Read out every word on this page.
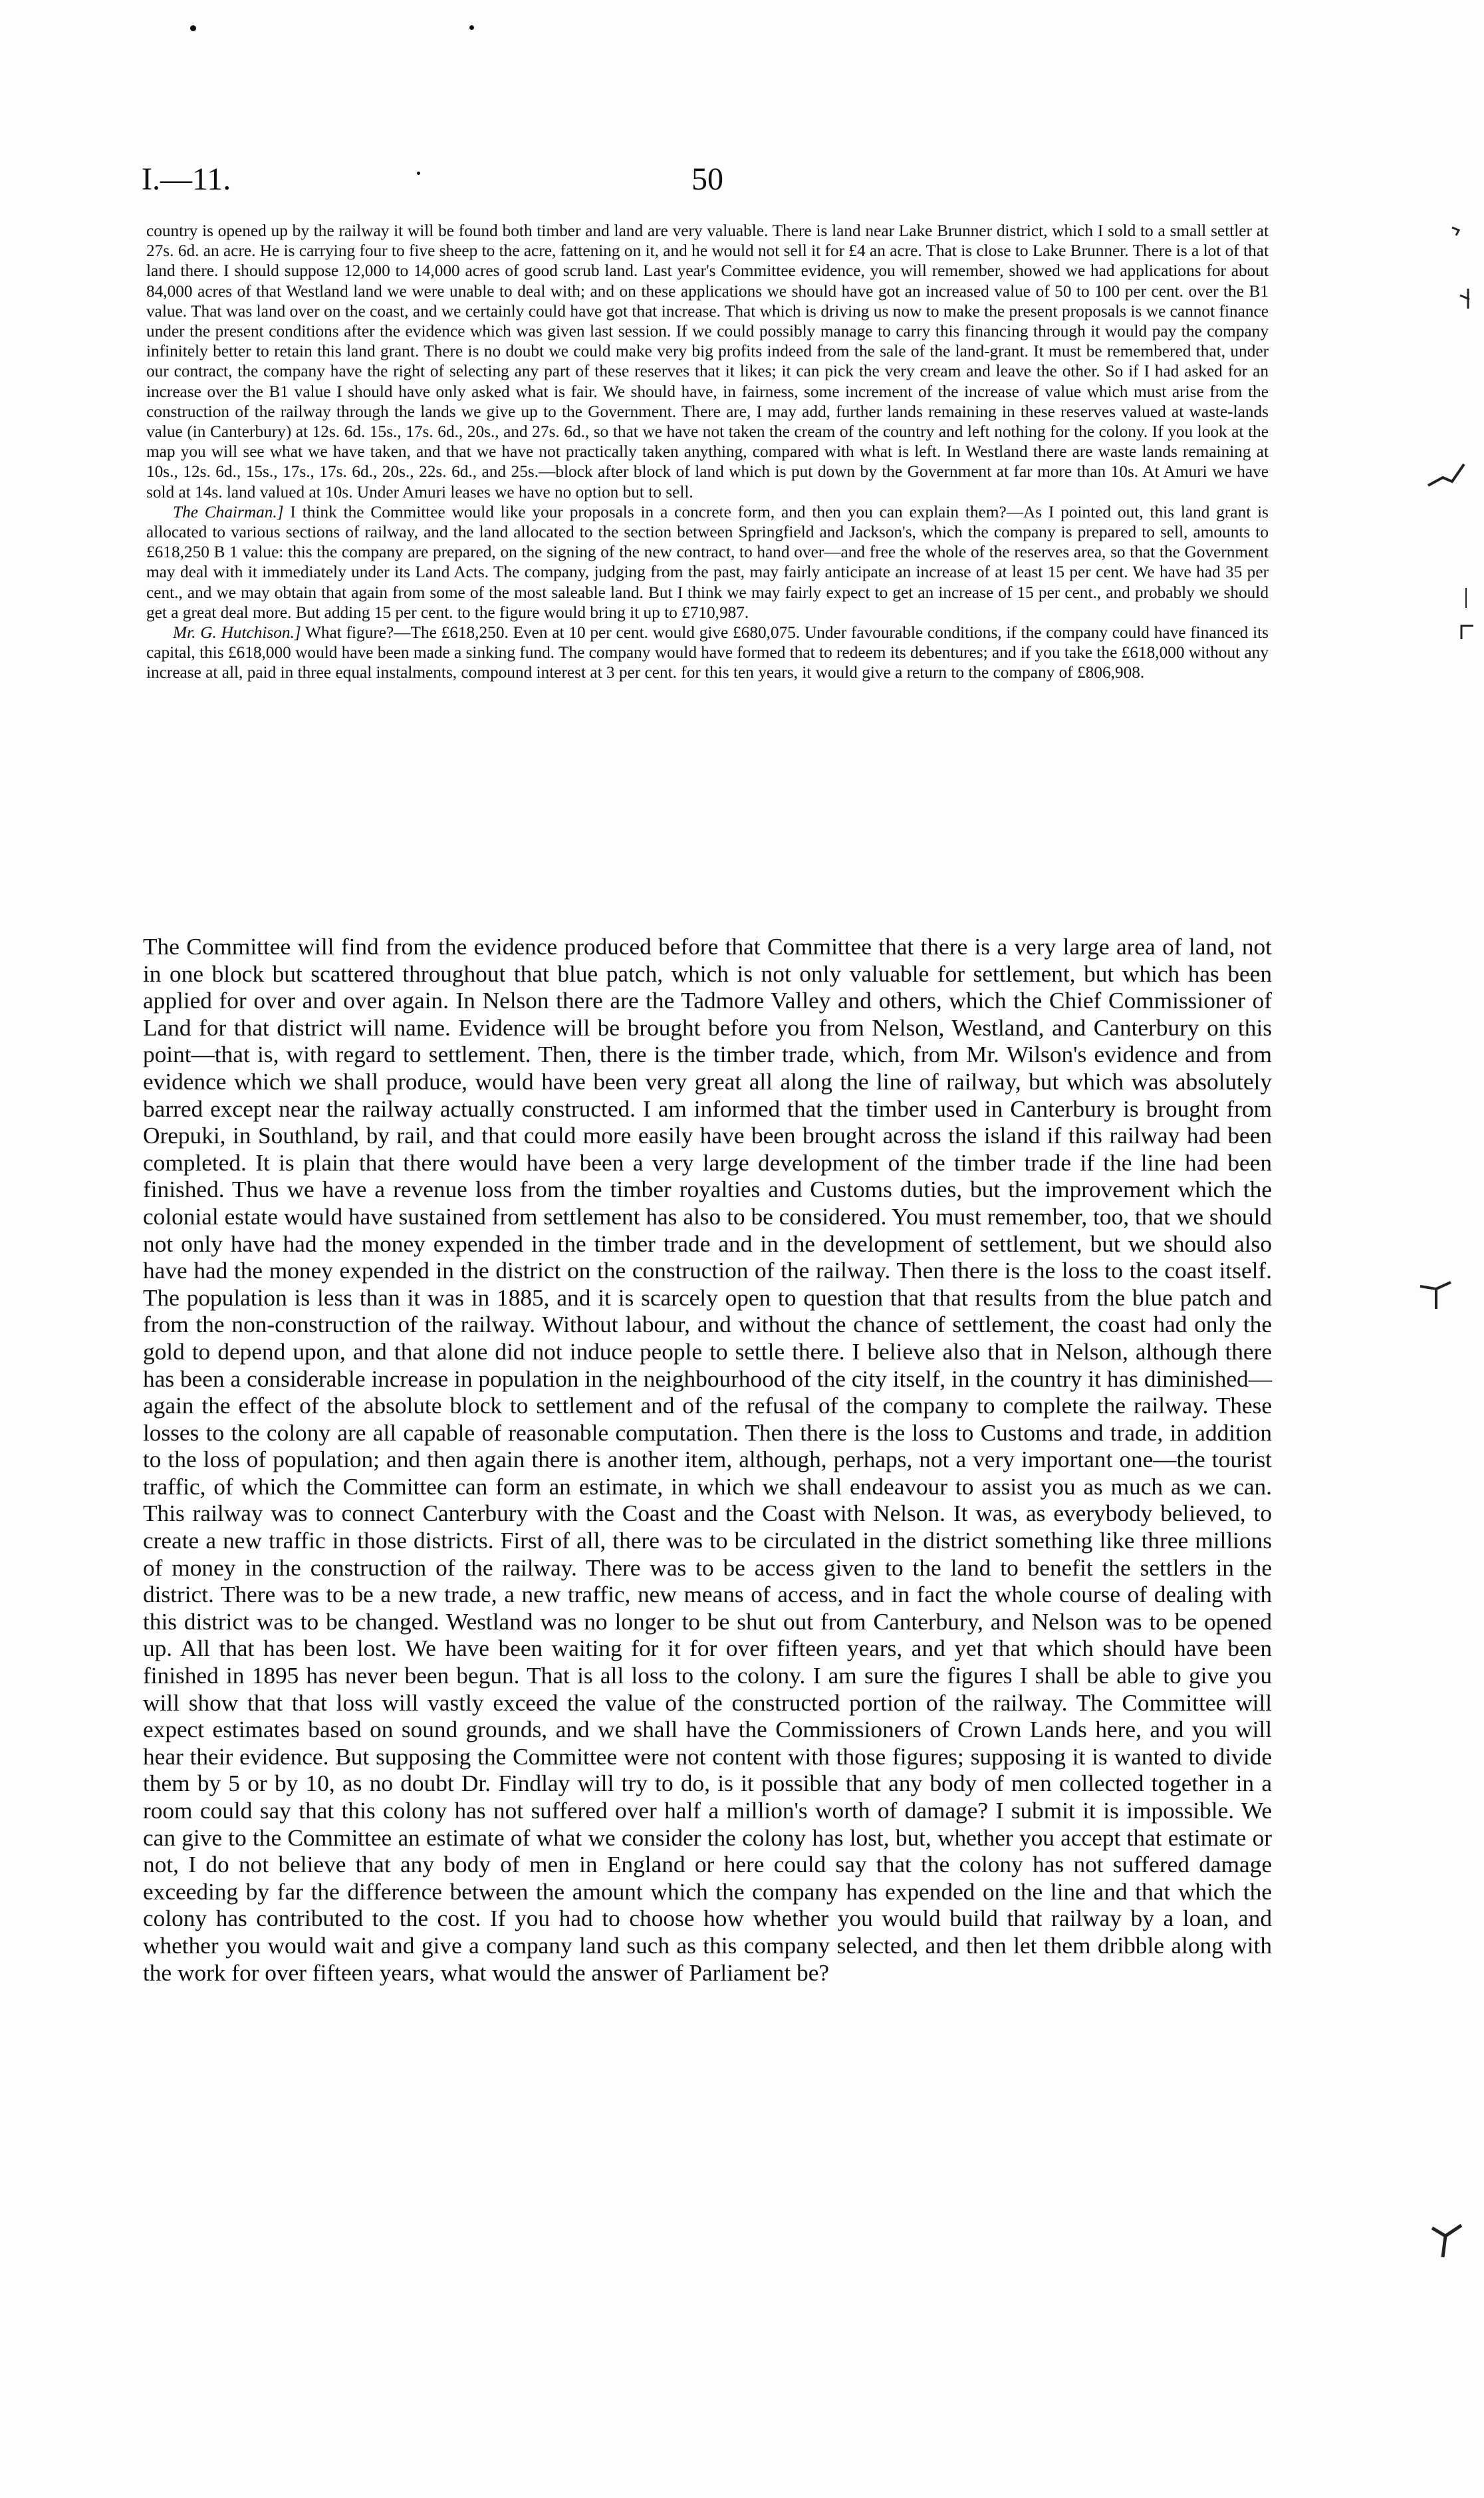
I.—11.	50

country is opened up by the railway it will be found both timber and land are very valuable. There is land near Lake Brunner district, which I sold to a small settler at 27s. 6d. an acre. He is carrying four to five sheep to the acre, fattening on it, and he would not sell it for £4 an acre. That is close to Lake Brunner. There is a lot of that land there. I should suppose 12,000 to 14,000 acres of good scrub land. Last year's Committee evidence, you will remember, showed we had applications for about 84,000 acres of that Westland land we were unable to deal with; and on these applications we should have got an increased value of 50 to 100 per cent. over the B1 value. That was land over on the coast, and we certainly could have got that increase. That which is driving us now to make the present proposals is we cannot finance under the present conditions after the evidence which was given last session. If we could possibly manage to carry this financing through it would pay the company infinitely better to retain this land grant. There is no doubt we could make very big profits indeed from the sale of the land-grant. It must be remembered that, under our contract, the company have the right of selecting any part of these reserves that it likes; it can pick the very cream and leave the other. So if I had asked for an increase over the B1 value I should have only asked what is fair. We should have, in fairness, some increment of the increase of value which must arise from the construction of the railway through the lands we give up to the Government. There are, I may add, further lands remaining in these reserves valued at waste-lands value (in Canterbury) at 12s. 6d. 15s., 17s. 6d., 20s., and 27s. 6d., so that we have not taken the cream of the country and left nothing for the colony. If you look at the map you will see what we have taken, and that we have not practically taken anything, compared with what is left. In Westland there are waste lands remaining at 10s., 12s. 6d., 15s., 17s., 17s. 6d., 20s., 22s. 6d., and 25s.—block after block of land which is put down by the Government at far more than 10s. At Amuri we have sold at 14s. land valued at 10s. Under Amuri leases we have no option but to sell.

The Chairman.] I think the Committee would like your proposals in a concrete form, and then you can explain them?—As I pointed out, this land grant is allocated to various sections of railway, and the land allocated to the section between Springfield and Jackson's, which the company is prepared to sell, amounts to £618,250 B 1 value: this the company are prepared, on the signing of the new contract, to hand over—and free the whole of the reserves area, so that the Government may deal with it immediately under its Land Acts. The company, judging from the past, may fairly anticipate an increase of at least 15 per cent. We have had 35 per cent., and we may obtain that again from some of the most saleable land. But I think we may fairly expect to get an increase of 15 per cent., and probably we should get a great deal more. But adding 15 per cent. to the figure would bring it up to £710,987.

Mr. G. Hutchison.] What figure?—The £618,250. Even at 10 per cent. would give £680,075. Under favourable conditions, if the company could have financed its capital, this £618,000 would have been made a sinking fund. The company would have formed that to redeem its debentures; and if you take the £618,000 without any increase at all, paid in three equal instalments, compound interest at 3 per cent. for this ten years, it would give a return to the company of £806,908.

The Committee will find from the evidence produced before that Committee that there is a very large area of land, not in one block but scattered throughout that blue patch, which is not only valuable for settlement, but which has been applied for over and over again. In Nelson there are the Tadmore Valley and others, which the Chief Commissioner of Land for that district will name. Evidence will be brought before you from Nelson, Westland, and Canterbury on this point—that is, with regard to settlement. Then, there is the timber trade, which, from Mr. Wilson's evidence and from evidence which we shall produce, would have been very great all along the line of railway, but which was absolutely barred except near the railway actually constructed. I am informed that the timber used in Canterbury is brought from Orepuki, in Southland, by rail, and that could more easily have been brought across the island if this railway had been completed. It is plain that there would have been a very large development of the timber trade if the line had been finished. Thus we have a revenue loss from the timber royalties and Customs duties, but the improvement which the colonial estate would have sustained from settlement has also to be considered. You must remember, too, that we should not only have had the money expended in the timber trade and in the development of settlement, but we should also have had the money expended in the district on the construction of the railway. Then there is the loss to the coast itself. The population is less than it was in 1885, and it is scarcely open to question that that results from the blue patch and from the non-construction of the railway. Without labour, and without the chance of settlement, the coast had only the gold to depend upon, and that alone did not induce people to settle there. I believe also that in Nelson, although there has been a considerable increase in population in the neighbourhood of the city itself, in the country it has diminished—again the effect of the absolute block to settlement and of the refusal of the company to complete the railway. These losses to the colony are all capable of reasonable computation. Then there is the loss to Customs and trade, in addition to the loss of population; and then again there is another item, although, perhaps, not a very important one—the tourist traffic, of which the Committee can form an estimate, in which we shall endeavour to assist you as much as we can. This railway was to connect Canterbury with the Coast and the Coast with Nelson. It was, as everybody believed, to create a new traffic in those districts. First of all, there was to be circulated in the district something like three millions of money in the construction of the railway. There was to be access given to the land to benefit the settlers in the district. There was to be a new trade, a new traffic, new means of access, and in fact the whole course of dealing with this district was to be changed. Westland was no longer to be shut out from Canterbury, and Nelson was to be opened up. All that has been lost. We have been waiting for it for over fifteen years, and yet that which should have been finished in 1895 has never been begun. That is all loss to the colony. I am sure the figures I shall be able to give you will show that that loss will vastly exceed the value of the constructed portion of the railway. The Committee will expect estimates based on sound grounds, and we shall have the Commissioners of Crown Lands here, and you will hear their evidence. But supposing the Committee were not content with those figures; supposing it is wanted to divide them by 5 or by 10, as no doubt Dr. Findlay will try to do, is it possible that any body of men collected together in a room could say that this colony has not suffered over half a million's worth of damage? I submit it is impossible. We can give to the Committee an estimate of what we consider the colony has lost, but, whether you accept that estimate or not, I do not believe that any body of men in England or here could say that the colony has not suffered damage exceeding by far the difference between the amount which the company has expended on the line and that which the colony has contributed to the cost. If you had to choose how whether you would build that railway by a loan, and whether you would wait and give a company land such as this company selected, and then let them dribble along with the work for over fifteen years, what would the answer of Parliament be?
